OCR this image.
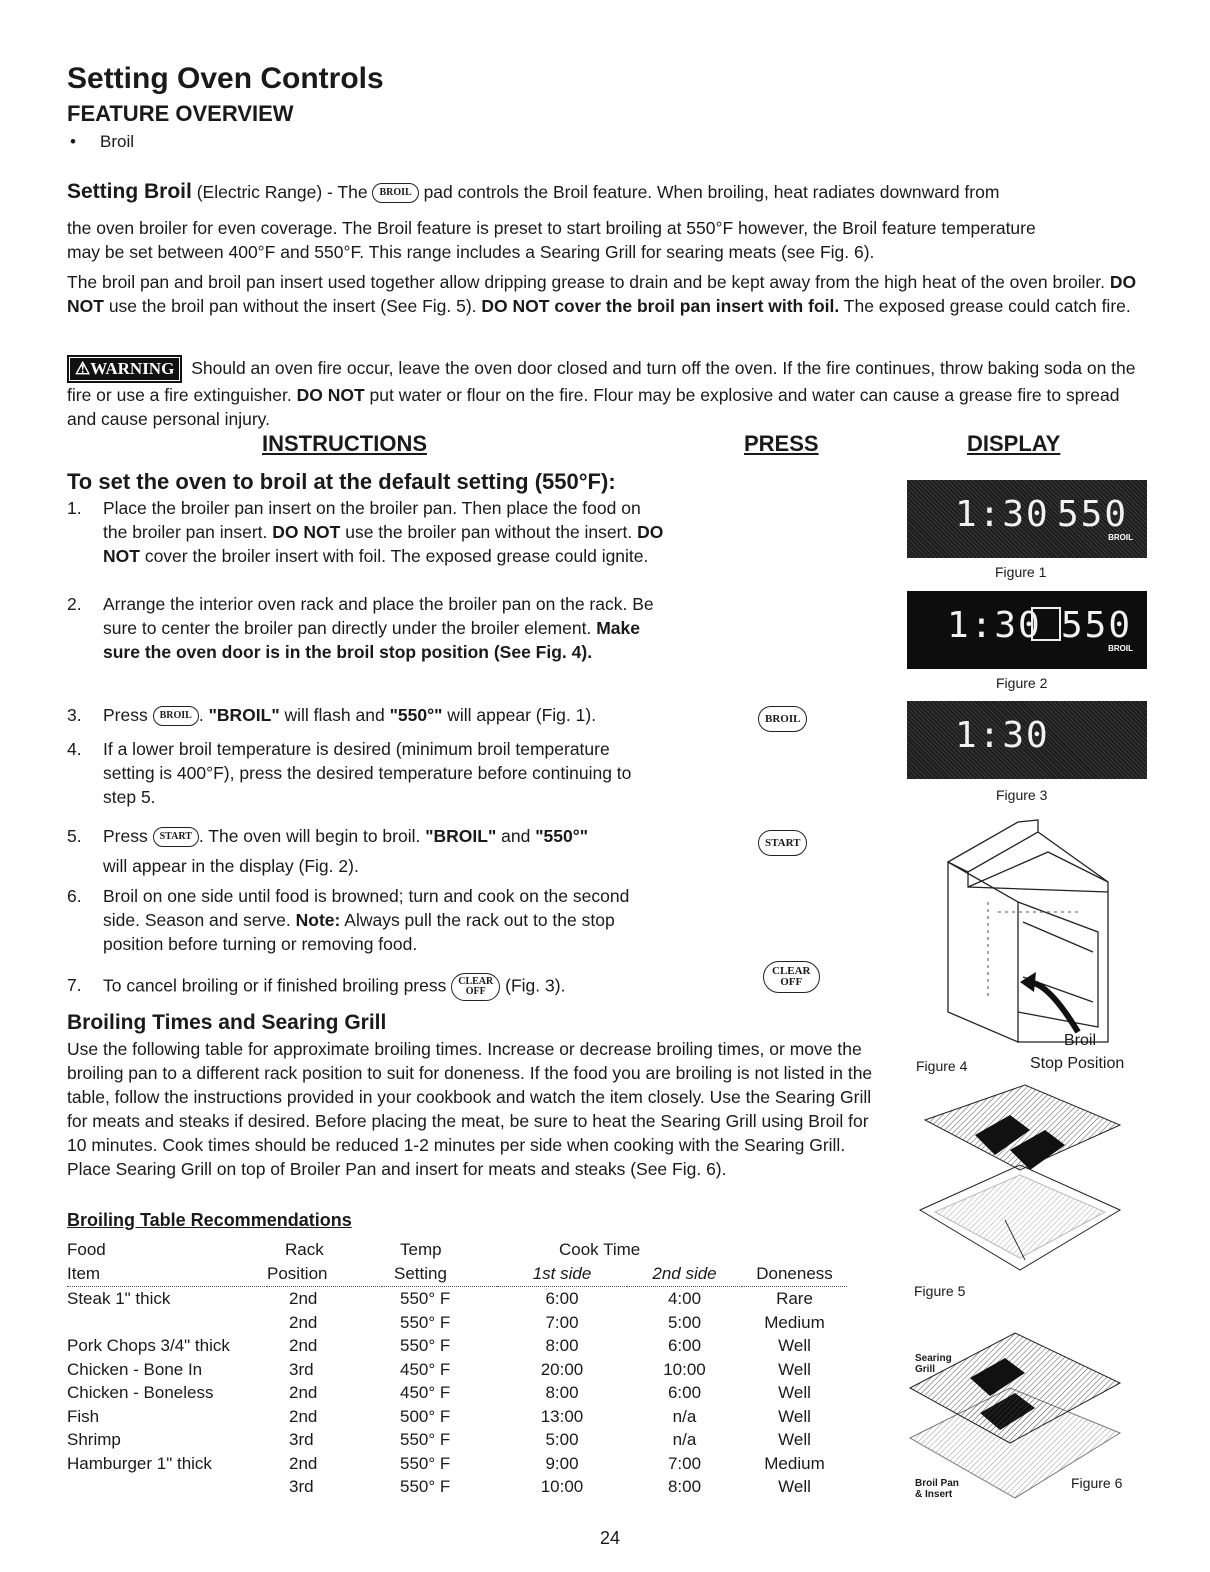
Setting Oven Controls
FEATURE OVERVIEW
• Broil
Setting Broil (Electric Range) - The BROIL pad controls the Broil feature. When broiling, heat radiates downward from
the oven broiler for even coverage. The Broil feature is preset to start broiling at 550°F however, the Broil feature temperature may be set between 400°F and 550°F. This range includes a Searing Grill for searing meats (see Fig. 6).
The broil pan and broil pan insert used together allow dripping grease to drain and be kept away from the high heat of the oven broiler. DO NOT use the broil pan without the insert (See Fig. 5). DO NOT cover the broil pan insert with foil. The exposed grease could catch fire.
⚠WARNING Should an oven fire occur, leave the oven door closed and turn off the oven. If the fire continues, throw baking soda on the fire or use a fire extinguisher. DO NOT put water or flour on the fire. Flour may be explosive and water can cause a grease fire to spread and cause personal injury.
INSTRUCTIONS	PRESS	DISPLAY
To set the oven to broil at the default setting (550°F):
1. Place the broiler pan insert on the broiler pan. Then place the food on the broiler pan insert. DO NOT use the broiler pan without the insert. DO NOT cover the broiler insert with foil. The exposed grease could ignite.
2. Arrange the interior oven rack and place the broiler pan on the rack. Be sure to center the broiler pan directly under the broiler element. Make sure the oven door is in the broil stop position (See Fig. 4).
3. Press BROIL . "BROIL" will flash and "550°" will appear (Fig. 1).
4. If a lower broil temperature is desired (minimum broil temperature setting is 400°F), press the desired temperature before continuing to step 5.
5. Press START . The oven will begin to broil. "BROIL" and "550°"
will appear in the display (Fig. 2).
6. Broil on one side until food is browned; turn and cook on the second side. Season and serve. Note: Always pull the rack out to the stop position before turning or removing food.
7. To cancel broiling or if finished broiling press CLEAR
OFF (Fig. 3).
BROIL
START
CLEAR
OFF
1:30 550
BROIL
Figure 1
1:30 550
BROIL
Figure 2
1:30
Figure 3
Figure 4
Broil
Stop Position
Figure 5
Searing
Grill
Broil Pan
& Insert
Figure 6
Broiling Times and Searing Grill
Use the following table for approximate broiling times. Increase or decrease broiling times, or move the broiling pan to a different rack position to suit for doneness. If the food you are broiling is not listed in the table, follow the instructions provided in your cookbook and watch the item closely. Use the Searing Grill for meats and steaks if desired. Before placing the meat, be sure to heat the Searing Grill using Broil for 10 minutes. Cook times should be reduced 1-2 minutes per side when cooking with the Searing Grill. Place Searing Grill on top of Broiler Pan and insert for meats and steaks (See Fig. 6).
Broiling Table Recommendations
Food	Rack	Temp	Cook Time		
Item	Position	Setting	1st side	2nd side	Doneness
Steak 1" thick	2nd	550° F	6:00	4:00	Rare
	2nd	550° F	7:00	5:00	Medium
Pork Chops 3/4" thick	2nd	550° F	8:00	6:00	Well
Chicken - Bone In	3rd	450° F	20:00	10:00	Well
Chicken - Boneless	2nd	450° F	8:00	6:00	Well
Fish	2nd	500° F	13:00	n/a	Well
Shrimp	3rd	550° F	5:00	n/a	Well
Hamburger 1" thick	2nd	550° F	9:00	7:00	Medium
	3rd	550° F	10:00	8:00	Well
24
